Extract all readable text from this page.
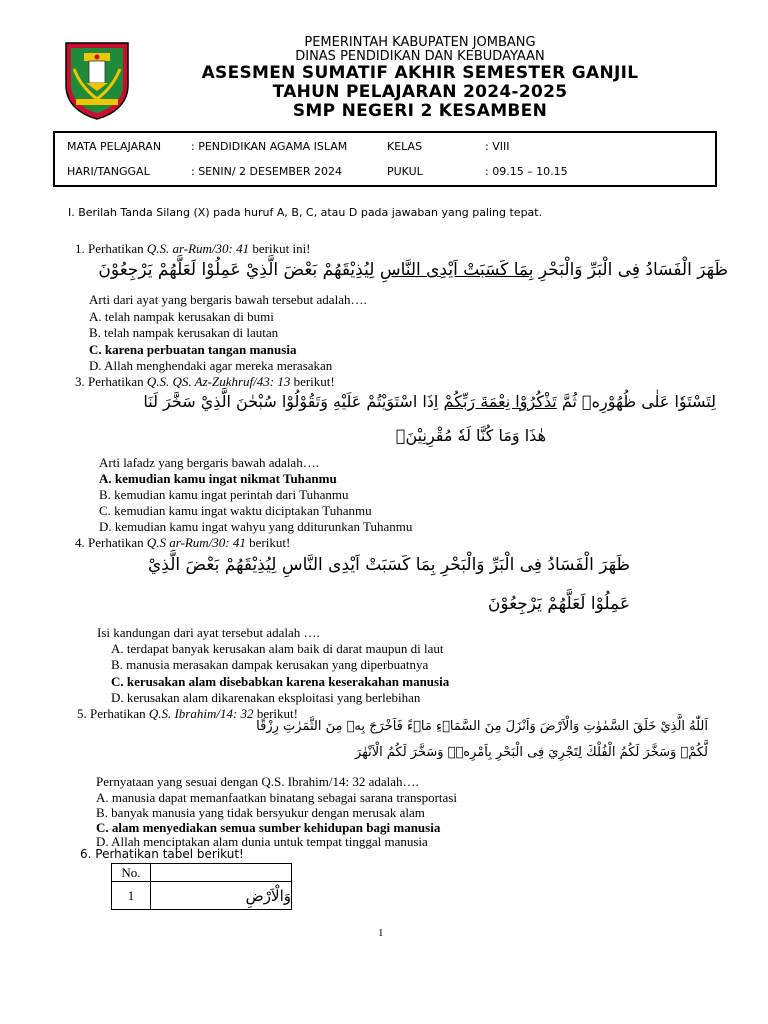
PEMERINTAH KABUPATEN JOMBANG
DINAS PENDIDIKAN DAN KEBUDAYAAN
ASESMEN SUMATIF AKHIR SEMESTER GANJIL
TAHUN PELAJARAN 2024-2025
SMP NEGERI 2 KESAMBEN
MATA PELAJARAN	: PENDIDIKAN AGAMA ISLAM	KELAS	: VIII
HARI/TANGGAL	: SENIN/ 2 DESEMBER 2024	PUKUL	: 09.15 – 10.15
I. Berilah Tanda Silang (X) pada huruf A, B, C, atau D pada jawaban yang paling tepat.
1. Perhatikan Q.S. ar-Rum/30: 41 berikut ini!
ظَهَرَ الْفَسَادُ فِى الْبَرِّ وَالْبَحْرِ بِمَا كَسَبَتْ اَيْدِى النَّاسِ لِيُذِيْقَهُمْ بَعْضَ الَّذِيْ عَمِلُوْا لَعَلَّهُمْ يَرْجِعُوْنَ
Arti dari ayat yang bergaris bawah tersebut adalah….
A. telah nampak kerusakan di bumi
B. telah nampak kerusakan di lautan
C. karena perbuatan tangan manusia
D. Allah menghendaki agar mereka merasakan
3. Perhatikan Q.S. QS. Az-Zukhruf/43: 13 berikut!
لِتَسْتَوٗا عَلٰى ظُهُوْرِهٖ ثُمَّ تَذْكُرُوْا نِعْمَةَ رَبِّكُمْ اِذَا اسْتَوَيْتُمْ عَلَيْهِ وَتَقُوْلُوْا سُبْحٰنَ الَّذِيْ سَخَّرَ لَنَا
هٰذَا وَمَا كُنَّا لَهٗ مُقْرِنِيْنَۙ
Arti lafadz yang bergaris bawah adalah….
A. kemudian kamu ingat nikmat Tuhanmu
B. kemudian kamu ingat perintah dari Tuhanmu
C. kemudian kamu ingat waktu diciptakan Tuhanmu
D. kemudian kamu ingat wahyu yang dditurunkan Tuhanmu
4. Perhatikan Q.S ar-Rum/30: 41 berikut!
ظَهَرَ الْفَسَادُ فِى الْبَرِّ وَالْبَحْرِ بِمَا كَسَبَتْ اَيْدِى النَّاسِ لِيُذِيْقَهُمْ بَعْضَ الَّذِيْ
عَمِلُوْا لَعَلَّهُمْ يَرْجِعُوْنَ
Isi kandungan dari ayat tersebut adalah ….
A. terdapat banyak kerusakan alam baik di darat maupun di laut
B. manusia merasakan dampak kerusakan yang diperbuatnya
C. kerusakan alam disebabkan karena keserakahan manusia
D. kerusakan alam dikarenakan eksploitasi yang berlebihan
5. Perhatikan Q.S. Ibrahim/14: 32 berikut!
اَللّٰهُ الَّذِيْ خَلَقَ السَّمٰوٰتِ وَالْاَرْضَ وَاَنْزَلَ مِنَ السَّمَاۤءِ مَاۤءً فَاَخْرَجَ بِهٖ مِنَ الثَّمَرٰتِ رِزْقًا
لَّكُمْۚ وَسَخَّرَ لَكُمُ الْفُلْكَ لِتَجْرِيَ فِى الْبَحْرِ بِاَمْرِهٖۚ وَسَخَّرَ لَكُمُ الْاَنْهٰرَ
Pernyataan yang sesuai dengan Q.S. Ibrahim/14: 32 adalah….
A. manusia dapat memanfaatkan binatang sebagai sarana transportasi
B. banyak manusia yang tidak bersyukur dengan merusak alam
C. alam menyediakan semua sumber kehidupan bagi manusia
D. Allah menciptakan alam dunia untuk tempat tinggal manusia
6. Perhatikan tabel berikut!
No.	
1	وَالْاَرْضِ
1
